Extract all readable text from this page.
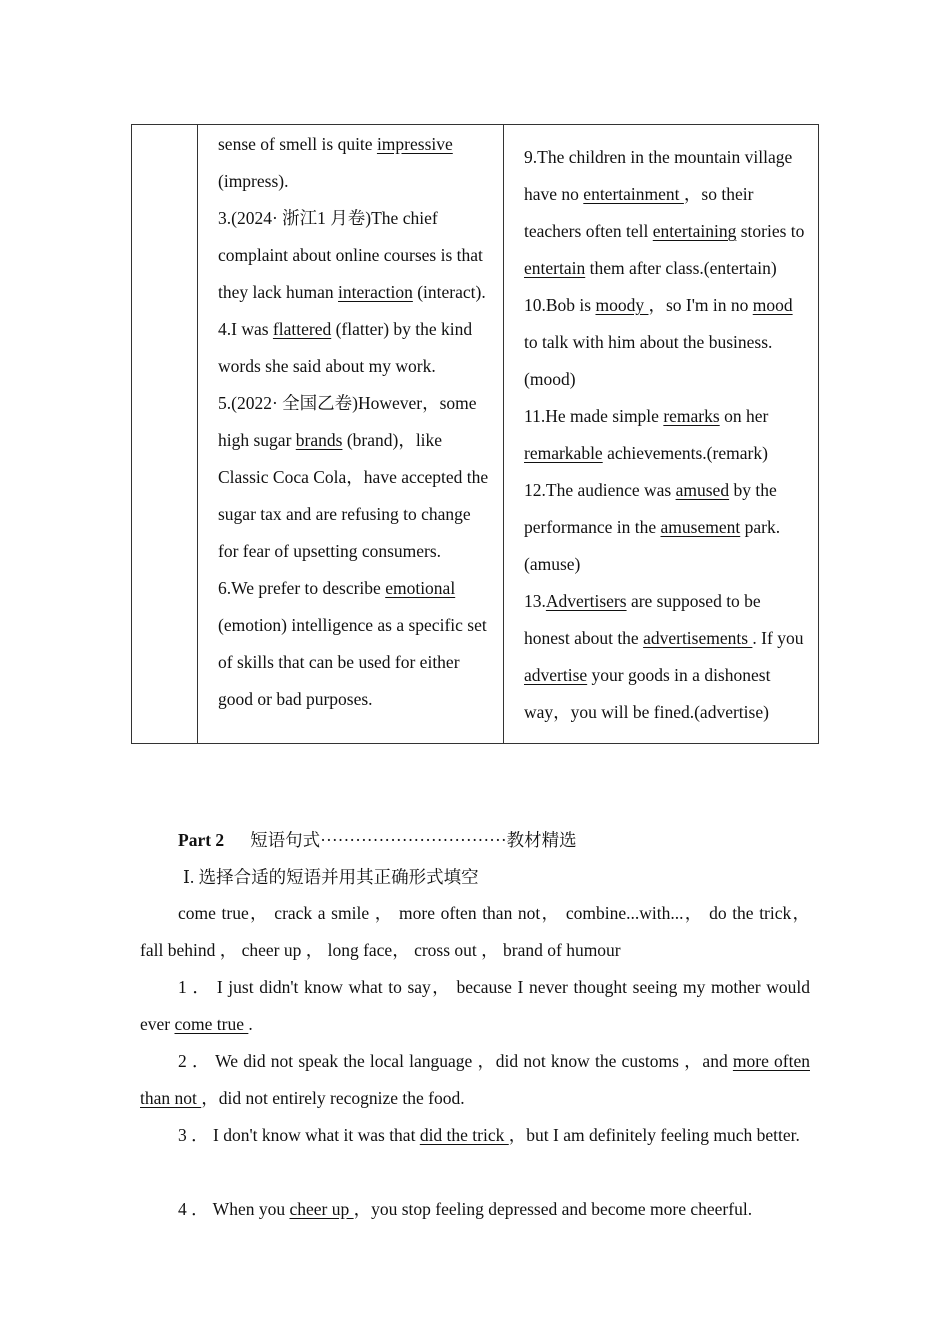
sense of smell is quite impressive (impress).

3.(2024· 浙江1 月卷)The chief complaint about online courses is that they lack human interaction (interact).

4.I was flattered (flatter) by the kind words she said about my work.

5.(2022· 全国乙卷)However，some high sugar brands (brand)，like Classic Coca Cola，have accepted the sugar tax and are refusing to change for fear of upsetting consumers.

6.We prefer to describe emotional (emotion) intelligence as a specific set of skills that can be used for either good or bad purposes.

9.The children in the mountain village have no entertainment ，so their teachers often tell entertaining stories to entertain them after class.(entertain)

10.Bob is moody ，so I'm in no mood to talk with him about the business.(mood)

11.He made simple remarks on her remarkable achievements.(remark)

12.The audience was amused by the performance in the amusement park.(amuse)

13.Advertisers are supposed to be honest about the advertisements . If you advertise your goods in a dishonest way，you will be fined.(advertise)

Part 2 短语句式································教材精选
Ⅰ. 选择合适的短语并用其正确形式填空
come true， crack a smile ， more often than not， combine...with...， do the trick， fall behind ， cheer up ， long face， cross out ， brand of humour
1 ． I just didn't know what to say， because I never thought seeing my mother would ever come true .
2 ． We did not speak the local language ，did not know the customs ，and more often than not ，did not entirely recognize the food.
3 ． I don't know what it was that did the trick ，but I am definitely feeling much better.
4 ． When you cheer up ，you stop feeling depressed and become more cheerful.
